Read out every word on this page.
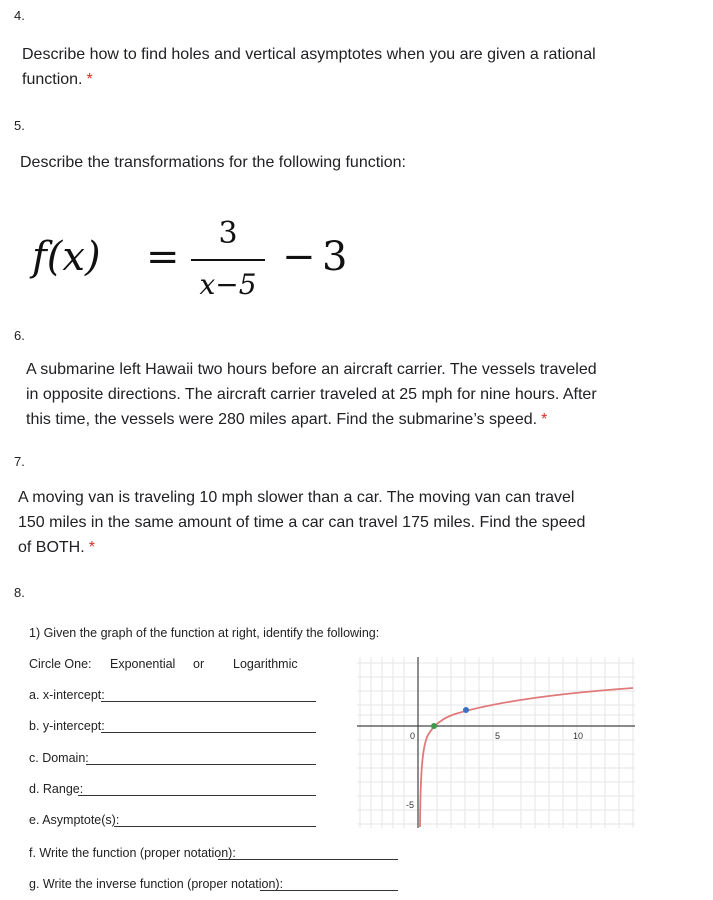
4.
Describe how to find holes and vertical asymptotes when you are given a rational
function. *
5.
Describe the transformations for the following function:
f(x) =
3
x−5
− 3
6.
A submarine left Hawaii two hours before an aircraft carrier. The vessels traveled
in opposite directions. The aircraft carrier traveled at 25 mph for nine hours. After
this time, the vessels were 280 miles apart. Find the submarine’s speed. *
7.
A moving van is traveling 10 mph slower than a car. The moving van can travel
150 miles in the same amount of time a car can travel 175 miles. Find the speed
of BOTH. *
8.
1) Given the graph of the function at right, identify the following:
Circle One: Exponential or Logarithmic
a. x-intercept:
b. y-intercept:
c. Domain:
d. Range:
e. Asymptote(s):
f. Write the function (proper notation):
g. Write the inverse function (proper notation):
0	5	10
-5
